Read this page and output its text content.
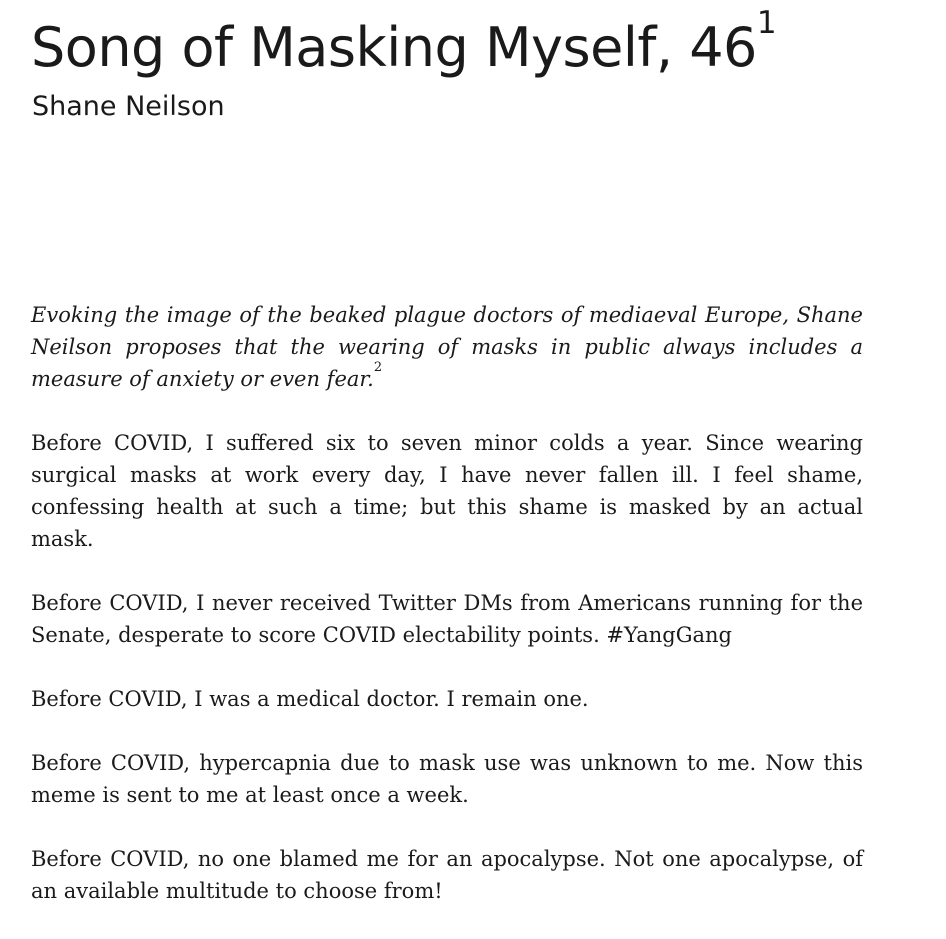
Song of Masking Myself, $46^1$
Shane Neilson

Evoking the image of the beaked plague doctors of mediaeval Europe, Shane Neilson proposes that the wearing of masks in public always includes a measure of anxiety or even fear.$^2$

Before COVID, I suffered six to seven minor colds a year. Since wearing surgical masks at work every day, I have never fallen ill. I feel shame, confessing health at such a time; but this shame is masked by an actual mask.

Before COVID, I never received Twitter DMs from Americans running for the Senate, desperate to score COVID electability points. #YangGang

Before COVID, I was a medical doctor. I remain one.

Before COVID, hypercapnia due to mask use was unknown to me. Now this meme is sent to me at least once a week.

Before COVID, no one blamed me for an apocalypse. Not one apocalypse, of an available multitude to choose from!
